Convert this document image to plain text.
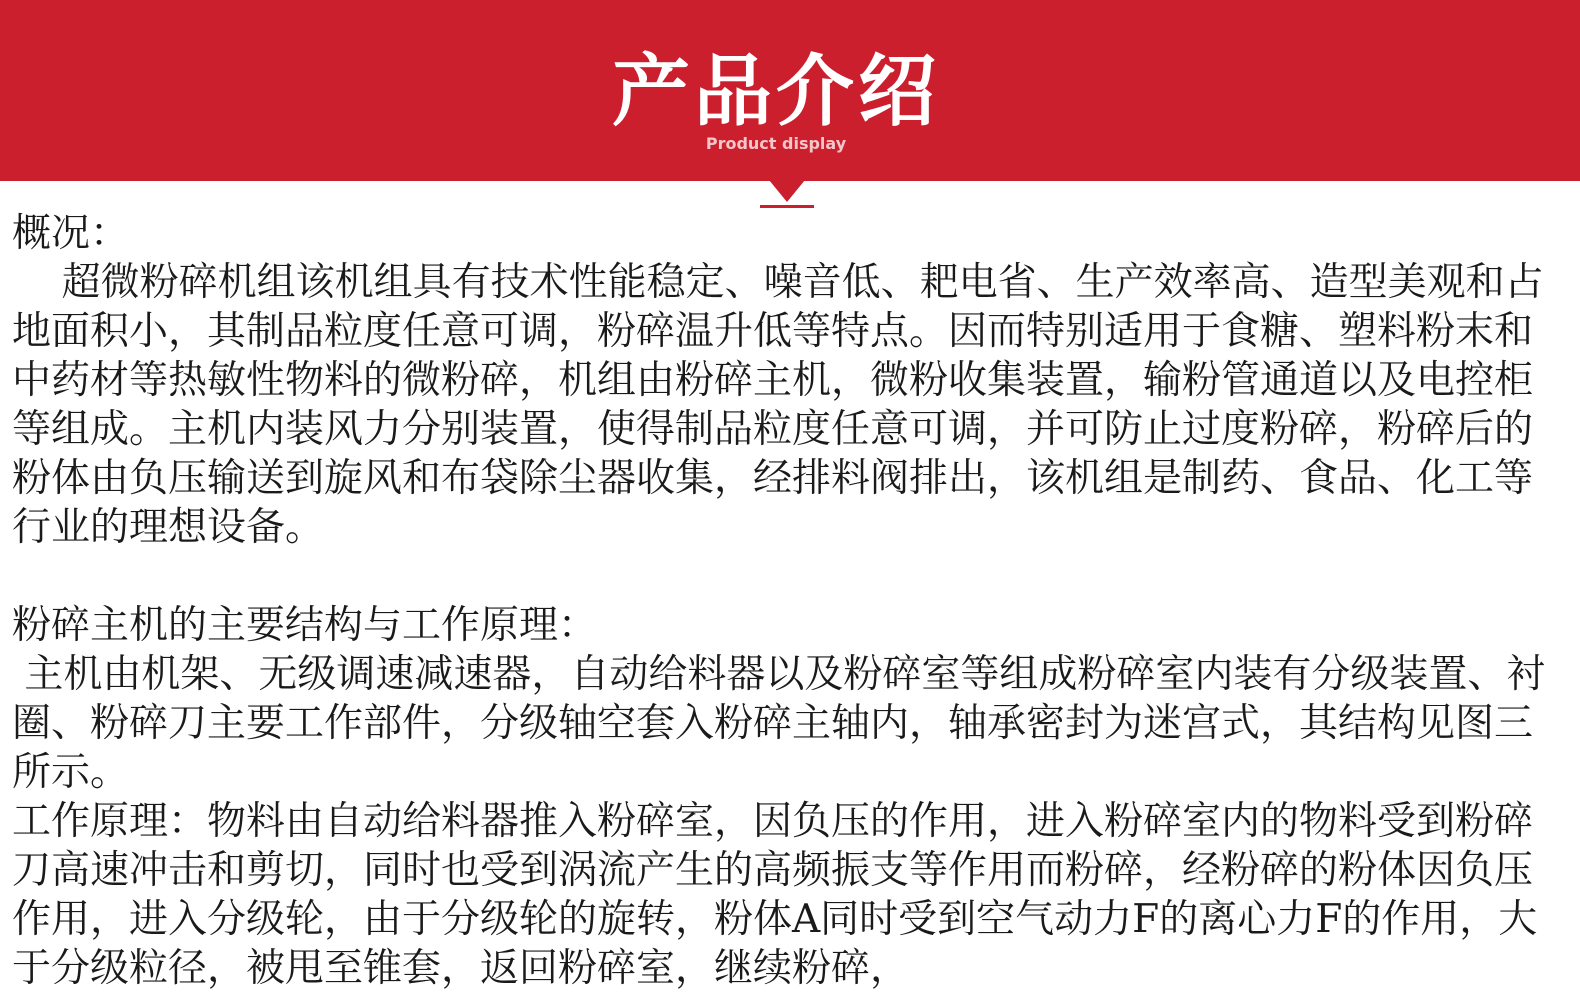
产品介绍
Product display

概况：

超微粉碎机组该机组具有技术性能稳定、噪音低、耙电省、生产效率高、造型美观和占地面积小，其制品粒度任意可调，粉碎温升低等特点。因而特别适用于食糖、塑料粉末和中药材等热敏性物料的微粉碎，机组由粉碎主机，微粉收集装置，输粉管通道以及电控柜等组成。主机内装风力分别装置，使得制品粒度任意可调，并可防止过度粉碎，粉碎后的粉体由负压输送到旋风和布袋除尘器收集，经排料阀排出，该机组是制药、食品、化工等行业的理想设备。

粉碎主机的主要结构与工作原理：

主机由机架、无级调速减速器，自动给料器以及粉碎室等组成粉碎室内装有分级装置、衬圈、粉碎刀主要工作部件，分级轴空套入粉碎主轴内，轴承密封为迷宫式，其结构见图三所示。

工作原理：物料由自动给料器推入粉碎室，因负压的作用，进入粉碎室内的物料受到粉碎刀高速冲击和剪切，同时也受到涡流产生的高频振支等作用而粉碎，经粉碎的粉体因负压作用，进入分级轮，由于分级轮的旋转，粉体A同时受到空气动力F的离心力F的作用，大于分级粒径，被甩至锥套，返回粉碎室，继续粉碎，
